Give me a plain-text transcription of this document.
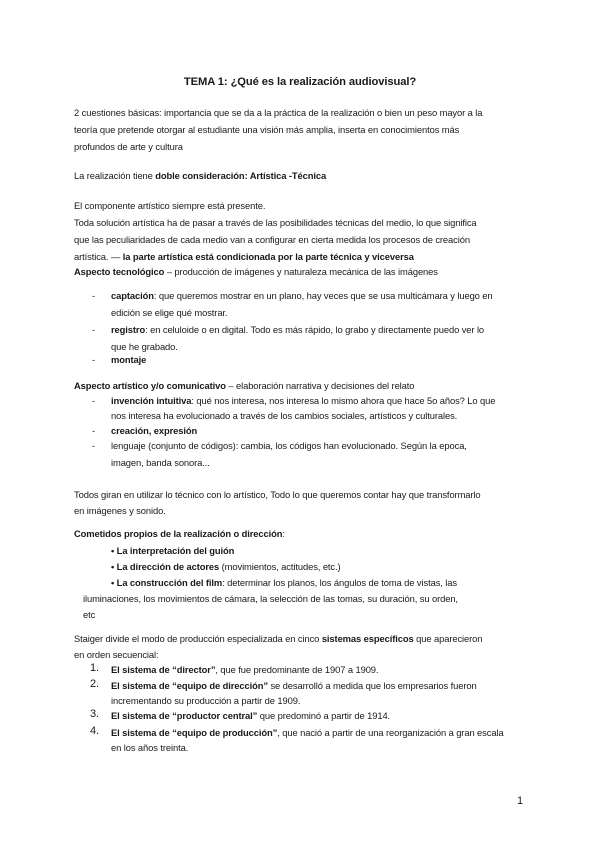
TEMA 1: ¿Qué es la realización audiovisual?
2 cuestiones básicas: importancia que se da a la práctica de la realización o bien un peso mayor a la
teoría que pretende otorgar al estudiante una visión más amplia, inserta en conocimientos más
profundos de arte y cultura
La realización tiene doble consideración: Artística -Técnica
El componente artístico siempre está presente.
Toda solución artística ha de pasar a través de las posibilidades técnicas del medio, lo que significa
que las peculiaridades de cada medio van a configurar en cierta medida los procesos de creación
artística. — la parte artística está condicionada por la parte técnica y viceversa
Aspecto tecnológico – producción de imágenes y naturaleza mecánica de las imágenes
- captación: que queremos mostrar en un plano, hay veces que se usa multicámara y luego en
edición se elige qué mostrar.
- registro: en celuloide o en digital. Todo es más rápido, lo grabo y directamente puedo ver lo
que he grabado.
- montaje
Aspecto artístico y/o comunicativo – elaboración narrativa y decisiones del relato
- invención intuitiva: qué nos interesa, nos interesa lo mismo ahora que hace 5o años? Lo que
nos interesa ha evolucionado a través de los cambios sociales, artísticos y culturales.
- creación, expresión
- lenguaje (conjunto de códigos): cambia, los códigos han evolucionado. Según la epoca,
imagen, banda sonora...
Todos giran en utilizar lo técnico con lo artístico, Todo lo que queremos contar hay que transformarlo
en imágenes y sonido.
Cometidos propios de la realización o dirección:
• La interpretación del guión
• La dirección de actores (movimientos, actitudes, etc.)
• La construcción del film: determinar los planos, los ángulos de toma de vistas, las
iluminaciones, los movimientos de cámara, la selección de las tomas, su duración, su orden,
etc
Staiger divide el modo de producción especializada en cinco sistemas específicos que aparecieron
en orden secuencial:
1. El sistema de “director”, que fue predominante de 1907 a 1909.
2. El sistema de “equipo de dirección” se desarrolló a medida que los empresarios fueron
incrementando su producción a partir de 1909.
3. El sistema de “productor central” que predominó a partir de 1914.
4. El sistema de “equipo de producción”, que nació a partir de una reorganización a gran escala
en los años treinta.
1
